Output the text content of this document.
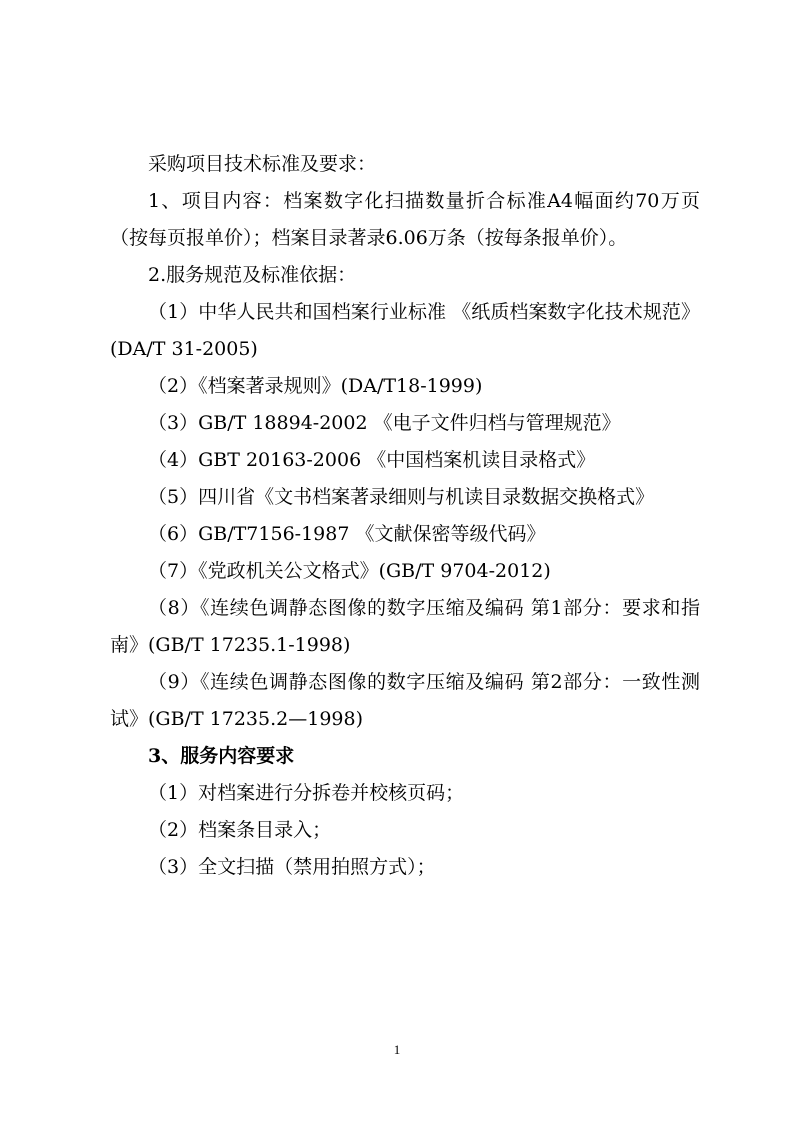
采购项目技术标准及要求：

1、项目内容：档案数字化扫描数量折合标准A4幅面约70万页（按每页报单价）；档案目录著录6.06万条（按每条报单价）。

2.服务规范及标准依据：

（1）中华人民共和国档案行业标准 《纸质档案数字化技术规范》(DA/T 31-2005)

（2）《档案著录规则》(DA/T18-1999)

（3）GB/T 18894-2002 《电子文件归档与管理规范》

（4）GBT 20163-2006 《中国档案机读目录格式》

（5）四川省《文书档案著录细则与机读目录数据交换格式》

（6）GB/T7156-1987 《文献保密等级代码》

（7）《党政机关公文格式》(GB/T 9704-2012)

（8）《连续色调静态图像的数字压缩及编码 第1部分：要求和指南》(GB/T 17235.1-1998)

（9）《连续色调静态图像的数字压缩及编码 第2部分：一致性测试》(GB/T 17235.2—1998)

3、服务内容要求

（1）对档案进行分拆卷并校核页码；

（2）档案条目录入；

（3）全文扫描（禁用拍照方式）；

1
